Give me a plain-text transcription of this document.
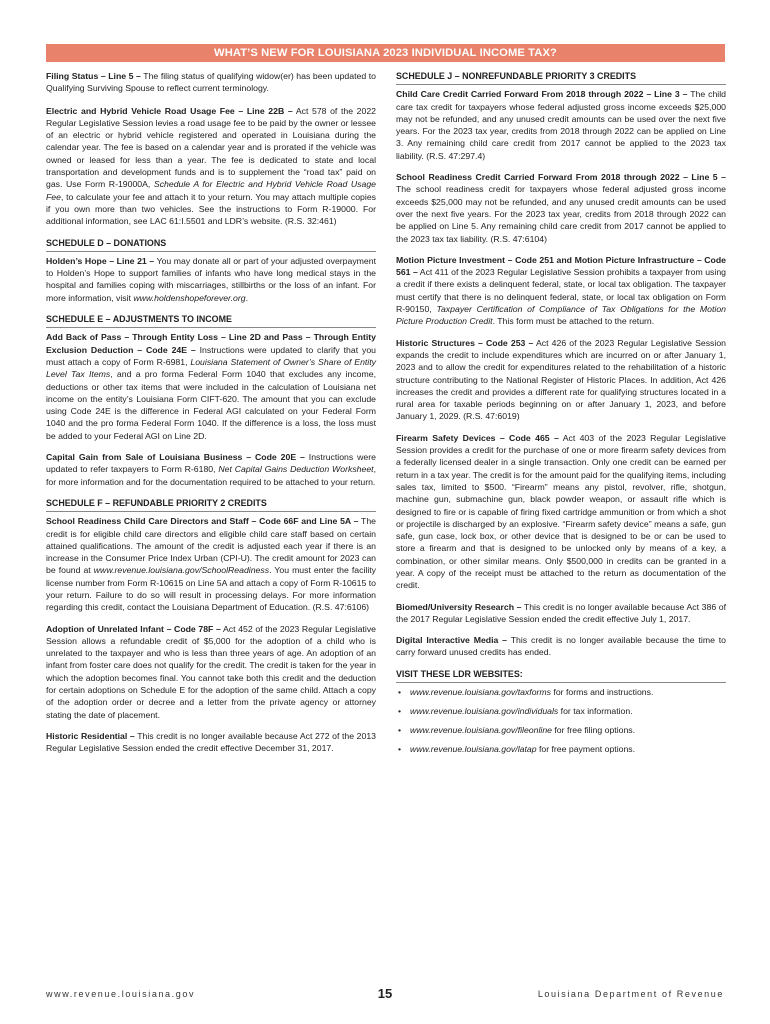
WHAT’S NEW FOR LOUISIANA 2023 INDIVIDUAL INCOME TAX?

Filing Status – Line 5 – The filing status of qualifying widow(er) has been updated to Qualifying Surviving Spouse to reflect current terminology.

Electric and Hybrid Vehicle Road Usage Fee – Line 22B – Act 578 of the 2022 Regular Legislative Session levies a road usage fee to be paid by the owner or lessee of an electric or hybrid vehicle registered and operated in Louisiana during the calendar year. The fee is based on a calendar year and is prorated if the vehicle was owned or leased for less than a year. The fee is dedicated to state and local transportation and development funds and is to supplement the “road tax” paid on gas. Use Form R-19000A, Schedule A for Electric and Hybrid Vehicle Road Usage Fee, to calculate your fee and attach it to your return. You may attach multiple copies if you own more than two vehicles. See the instructions to Form R-19000. For additional information, see LAC 61:I.5501 and LDR’s website. (R.S. 32:461)

SCHEDULE D – DONATIONS

Holden’s Hope – Line 21 – You may donate all or part of your adjusted overpayment to Holden’s Hope to support families of infants who have long medical stays in the hospital and families coping with miscarriages, stillbirths or the loss of an infant. For more information, visit www.holdenshopeforever.org.

SCHEDULE E – ADJUSTMENTS TO INCOME

Add Back of Pass – Through Entity Loss – Line 2D and Pass – Through Entity Exclusion Deduction – Code 24E – Instructions were updated to clarify that you must attach a copy of Form R-6981, Louisiana Statement of Owner’s Share of Entity Level Tax Items, and a pro forma Federal Form 1040 that excludes any income, deductions or other tax items that were included in the calculation of Louisiana net income on the entity’s Louisiana Form CIFT-620. The amount that you can exclude using Code 24E is the difference in Federal AGI calculated on your Federal Form 1040 and the pro forma Federal Form 1040. If the difference is a loss, the loss must be added to your Federal AGI on Line 2D.

Capital Gain from Sale of Louisiana Business – Code 20E – Instructions were updated to refer taxpayers to Form R-6180, Net Capital Gains Deduction Worksheet, for more information and for the documentation required to be attached to your return.

SCHEDULE F – REFUNDABLE PRIORITY 2 CREDITS

School Readiness Child Care Directors and Staff – Code 66F and Line 5A – The credit is for eligible child care directors and eligible child care staff based on certain attained qualifications. The amount of the credit is adjusted each year if there is an increase in the Consumer Price Index Urban (CPI-U). The credit amount for 2023 can be found at www.revenue.louisiana.gov/SchoolReadiness. You must enter the facility license number from Form R-10615 on Line 5A and attach a copy of Form R-10615 to your return. Failure to do so will result in processing delays. For more information regarding this credit, contact the Louisiana Department of Education. (R.S. 47:6106)

Adoption of Unrelated Infant – Code 78F – Act 452 of the 2023 Regular Legislative Session allows a refundable credit of $5,000 for the adoption of a child who is unrelated to the taxpayer and who is less than three years of age. An adoption of an infant from foster care does not qualify for the credit. The credit is taken for the year in which the adoption becomes final. You cannot take both this credit and the deduction for certain adoptions on Schedule E for the adoption of the same child. Attach a copy of the adoption order or decree and a letter from the private agency or attorney stating the date of placement.

Historic Residential – This credit is no longer available because Act 272 of the 2013 Regular Legislative Session ended the credit effective December 31, 2017.

SCHEDULE J – NONREFUNDABLE PRIORITY 3 CREDITS

Child Care Credit Carried Forward From 2018 through 2022 – Line 3 – The child care tax credit for taxpayers whose federal adjusted gross income exceeds $25,000 may not be refunded, and any unused credit amounts can be used over the next five years. For the 2023 tax year, credits from 2018 through 2022 can be applied on Line 3. Any remaining child care credit from 2017 cannot be applied to the 2023 tax liability. (R.S. 47:297.4)

School Readiness Credit Carried Forward From 2018 through 2022 – Line 5 – The school readiness credit for taxpayers whose federal adjusted gross income exceeds $25,000 may not be refunded, and any unused credit amounts can be used over the next five years. For the 2023 tax year, credits from 2018 through 2022 can be applied on Line 5. Any remaining child care credit from 2017 cannot be applied to the 2023 tax tax liability. (R.S. 47:6104)

Motion Picture Investment – Code 251 and Motion Picture Infrastructure – Code 561 – Act 411 of the 2023 Regular Legislative Session prohibits a taxpayer from using a credit if there exists a delinquent federal, state, or local tax obligation. The taxpayer must certify that there is no delinquent federal, state, or local tax obligation on Form R-90150, Taxpayer Certification of Compliance of Tax Obligations for the Motion Picture Production Credit. This form must be attached to the return.

Historic Structures – Code 253 – Act 426 of the 2023 Regular Legislative Session expands the credit to include expenditures which are incurred on or after January 1, 2023 and to allow the credit for expenditures related to the rehabilitation of a historic structure contributing to the National Register of Historic Places. In addition, Act 426 increases the credit and provides a different rate for qualifying structures located in a rural area for taxable periods beginning on or after January 1, 2023, and before January 1, 2029. (R.S. 47:6019)

Firearm Safety Devices – Code 465 – Act 403 of the 2023 Regular Legislative Session provides a credit for the purchase of one or more firearm safety devices from a federally licensed dealer in a single transaction. Only one credit can be earned per return in a tax year. The credit is for the amount paid for the qualifying items, including sales tax, limited to $500. “Firearm” means any pistol, revolver, rifle, shotgun, machine gun, submachine gun, black powder weapon, or assault rifle which is designed to fire or is capable of firing fixed cartridge ammunition or from which a shot or projectile is discharged by an explosive. “Firearm safety device” means a safe, gun safe, gun case, lock box, or other device that is designed to be or can be used to store a firearm and that is designed to be unlocked only by means of a key, a combination, or other similar means. Only $500,000 in credits can be granted in a year. A copy of the receipt must be attached to the return as documentation of the credit.

Biomed/University Research – This credit is no longer available because Act 386 of the 2017 Regular Legislative Session ended the credit effective July 1, 2017.

Digital Interactive Media – This credit is no longer available because the time to carry forward unused credits has ended.

VISIT THESE LDR WEBSITES:
• www.revenue.louisiana.gov/taxforms for forms and instructions.
• www.revenue.louisiana.gov/individuals for tax information.
• www.revenue.louisiana.gov/fileonline for free filing options.
• www.revenue.louisiana.gov/latap for free payment options.
www.revenue.louisiana.gov	15	Louisiana Department of Revenue
